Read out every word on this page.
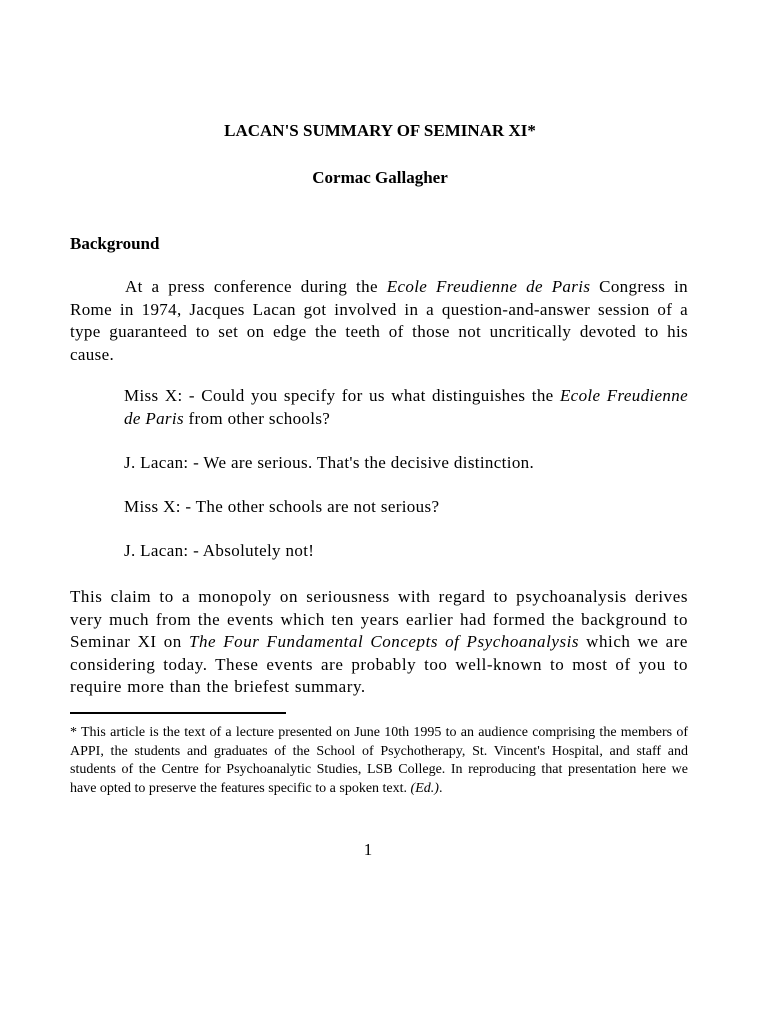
LACAN'S SUMMARY OF SEMINAR XI*
Cormac Gallagher
Background
At a press conference during the Ecole Freudienne de Paris Congress in Rome in 1974, Jacques Lacan got involved in a question-and-answer session of a type guaranteed to set on edge the teeth of those not uncritically devoted to his cause.
Miss X: - Could you specify for us what distinguishes the Ecole Freudienne de Paris from other schools?
J. Lacan: - We are serious. That's the decisive distinction.
Miss X: - The other schools are not serious?
J. Lacan: - Absolutely not!
This claim to a monopoly on seriousness with regard to psychoanalysis derives very much from the events which ten years earlier had formed the background to Seminar XI on The Four Fundamental Concepts of Psychoanalysis which we are considering today. These events are probably too well-known to most of you to require more than the briefest summary.
* This article is the text of a lecture presented on June 10th 1995 to an audience comprising the members of APPI, the students and graduates of the School of Psychotherapy, St. Vincent's Hospital, and staff and students of the Centre for Psychoanalytic Studies, LSB College. In reproducing that presentation here we have opted to preserve the features specific to a spoken text. (Ed.).
1
